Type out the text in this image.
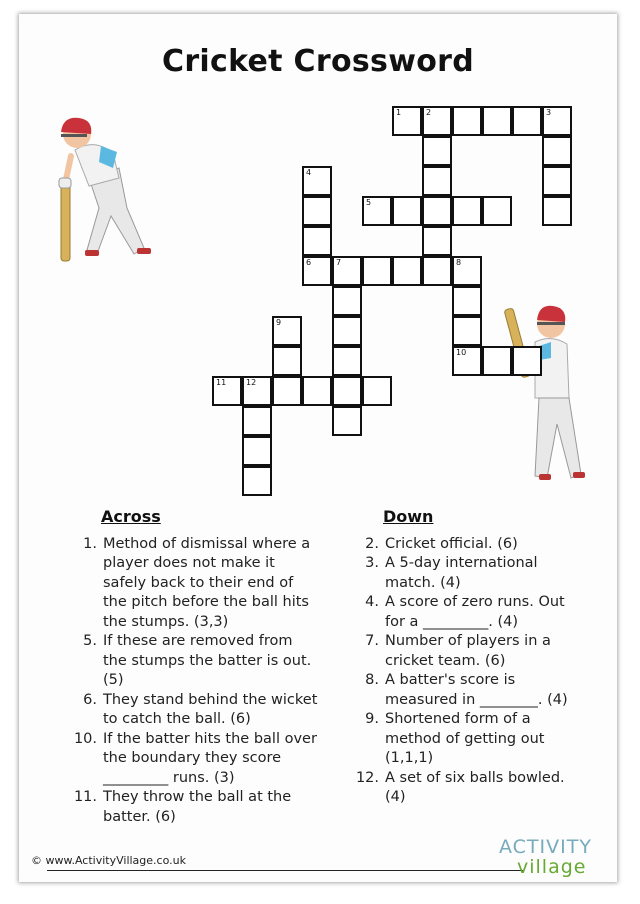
Cricket Crossword
1	2	3
4
5
6	7	8
9
10
11 12
Across
1. Method of dismissal where a player does not make it safely back to their end of the pitch before the ball hits the stumps. (3,3)
5. If these are removed from the stumps the batter is out. (5)
6. They stand behind the wicket to catch the ball. (6)
10. If the batter hits the ball over the boundary they score _________ runs. (3)
11. They throw the ball at the batter. (6)
Down
2. Cricket official. (6)
3. A 5-day international match. (4)
4. A score of zero runs. Out for a _________. (4)
7. Number of players in a cricket team. (6)
8. A batter's score is measured in ________. (4)
9. Shortened form of a method of getting out (1,1,1)
12. A set of six balls bowled. (4)
© www.ActivityVillage.co.uk
ACTIVITY
village
